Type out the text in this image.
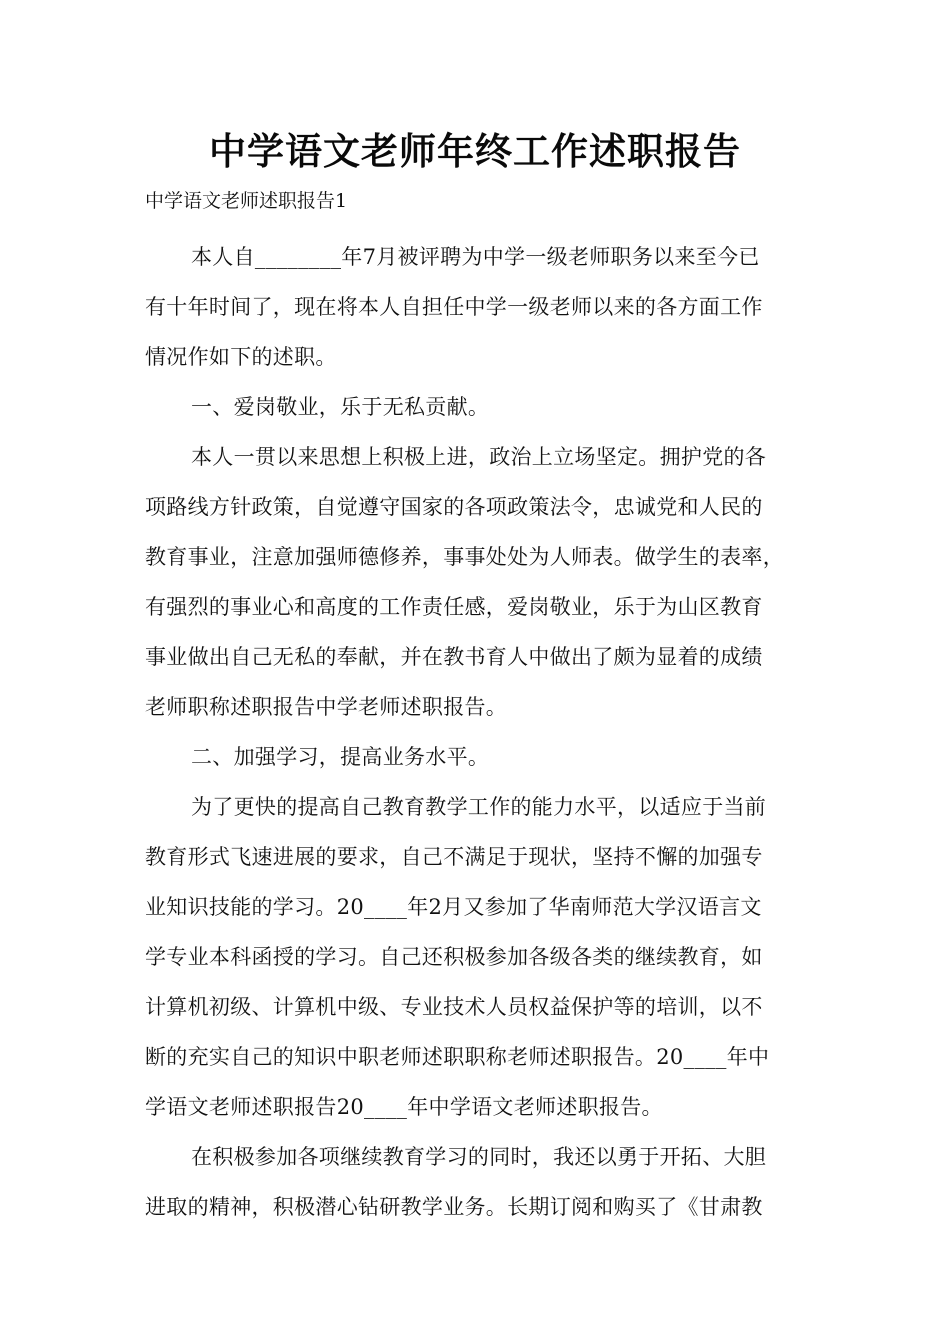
中学语文老师年终工作述职报告
中学语文老师述职报告1

本人自________年7月被评聘为中学一级老师职务以来至今已
有十年时间了，现在将本人自担任中学一级老师以来的各方面工作
情况作如下的述职。

一、爱岗敬业，乐于无私贡献。

本人一贯以来思想上积极上进，政治上立场坚定。拥护党的各
项路线方针政策，自觉遵守国家的各项政策法令，忠诚党和人民的
教育事业，注意加强师德修养，事事处处为人师表。做学生的表率，
有强烈的事业心和高度的工作责任感，爱岗敬业，乐于为山区教育
事业做出自己无私的奉献，并在教书育人中做出了颇为显着的成绩
老师职称述职报告中学老师述职报告。

二、加强学习，提高业务水平。

为了更快的提高自己教育教学工作的能力水平，以适应于当前
教育形式飞速进展的要求，自己不满足于现状，坚持不懈的加强专
业知识技能的学习。20____年2月又参加了华南师范大学汉语言文
学专业本科函授的学习。自己还积极参加各级各类的继续教育，如
计算机初级、计算机中级、专业技术人员权益保护等的培训，以不
断的充实自己的知识中职老师述职职称老师述职报告。20____年中
学语文老师述职报告20____年中学语文老师述职报告。

在积极参加各项继续教育学习的同时，我还以勇于开拓、大胆
进取的精神，积极潜心钻研教学业务。长期订阅和购买了《甘肃教
